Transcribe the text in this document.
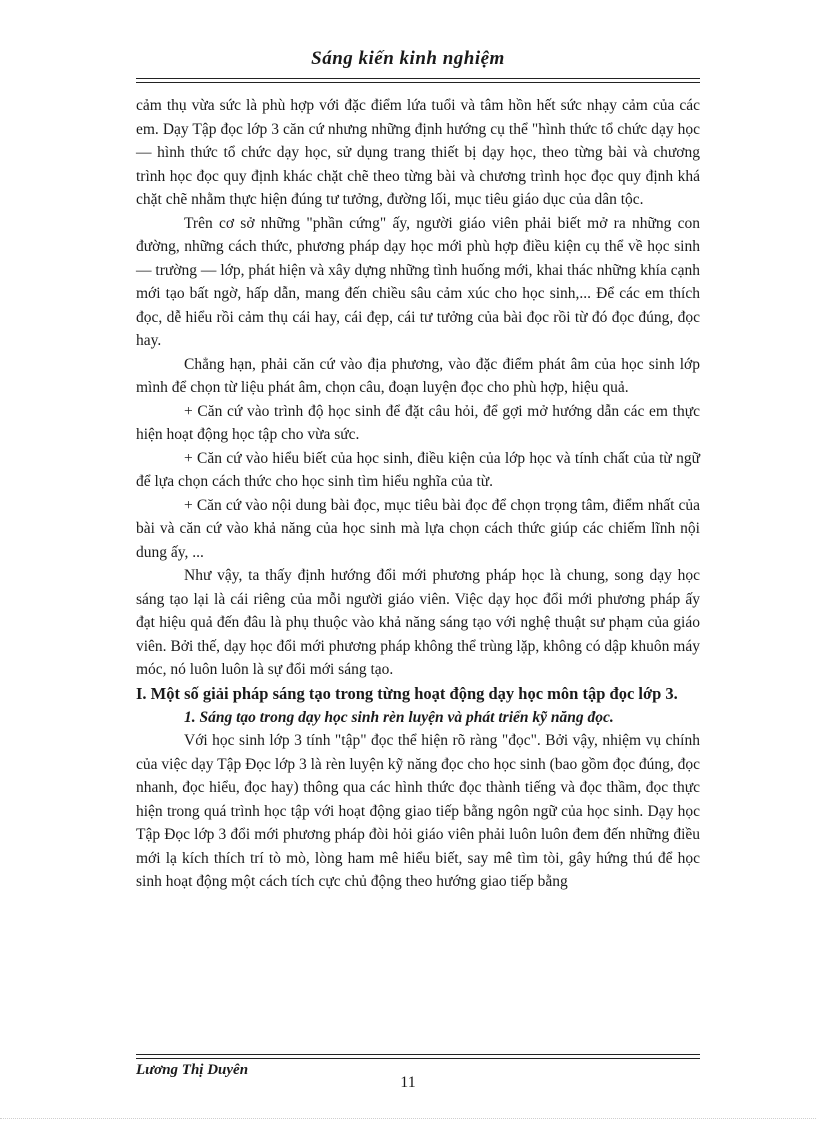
Sáng kiến kinh nghiệm

cảm thụ vừa sức là phù hợp với đặc điểm lứa tuổi và tâm hồn hết sức nhạy cảm của các em. Dạy Tập đọc lớp 3 căn cứ nhưng những định hướng cụ thể "hình thức tổ chức dạy học — hình thức tổ chức dạy học, sử dụng trang thiết bị dạy học, theo từng bài và chương trình học đọc quy định khác chặt chẽ theo từng bài và chương trình học đọc quy định khá chặt chẽ nhằm thực hiện đúng tư tưởng, đường lối, mục tiêu giáo dục của dân tộc.

Trên cơ sở những "phần cứng" ấy, người giáo viên phải biết mở ra những con đường, những cách thức, phương pháp dạy học mới phù hợp điều kiện cụ thể về học sinh — trường — lớp, phát hiện và xây dựng những tình huống mới, khai thác những khía cạnh mới tạo bất ngờ, hấp dẫn, mang đến chiều sâu cảm xúc cho học sinh,... Để các em thích đọc, dễ hiểu rồi cảm thụ cái hay, cái đẹp, cái tư tưởng của bài đọc rồi từ đó đọc đúng, đọc hay.

Chẳng hạn, phải căn cứ vào địa phương, vào đặc điểm phát âm của học sinh lớp mình để chọn từ liệu phát âm, chọn câu, đoạn luyện đọc cho phù hợp, hiệu quả.

+ Căn cứ vào trình độ học sinh để đặt câu hỏi, để gợi mở hướng dẫn các em thực hiện hoạt động học tập cho vừa sức.

+ Căn cứ vào hiểu biết của học sinh, điều kiện của lớp học và tính chất của từ ngữ để lựa chọn cách thức cho học sinh tìm hiểu nghĩa của từ.

+ Căn cứ vào nội dung bài đọc, mục tiêu bài đọc để chọn trọng tâm, điểm nhất của bài và căn cứ vào khả năng của học sinh mà lựa chọn cách thức giúp các chiếm lĩnh nội dung ấy, ...

Như vậy, ta thấy định hướng đổi mới phương pháp học là chung, song dạy học sáng tạo lại là cái riêng của mỗi người giáo viên. Việc dạy học đổi mới phương pháp ấy đạt hiệu quả đến đâu là phụ thuộc vào khả năng sáng tạo với nghệ thuật sư phạm của giáo viên. Bởi thế, dạy học đổi mới phương pháp không thể trùng lặp, không có dập khuôn máy móc, nó luôn luôn là sự đổi mới sáng tạo.

I. Một số giải pháp sáng tạo trong từng hoạt động dạy học môn tập đọc lớp 3.

1. Sáng tạo trong dạy học sinh rèn luyện và phát triển kỹ năng đọc.

Với học sinh lớp 3 tính "tập" đọc thể hiện rõ ràng "đọc". Bởi vậy, nhiệm vụ chính của việc dạy Tập Đọc lớp 3 là rèn luyện kỹ năng đọc cho học sinh (bao gồm đọc đúng, đọc nhanh, đọc hiểu, đọc hay) thông qua các hình thức đọc thành tiếng và đọc thầm, đọc thực hiện trong quá trình học tập với hoạt động giao tiếp bằng ngôn ngữ của học sinh. Dạy học Tập Đọc lớp 3 đổi mới phương pháp đòi hỏi giáo viên phải luôn luôn đem đến những điều mới lạ kích thích trí tò mò, lòng ham mê hiểu biết, say mê tìm tòi, gây hứng thú để học sinh hoạt động một cách tích cực chủ động theo hướng giao tiếp bằng

Lương Thị Duyên
11
